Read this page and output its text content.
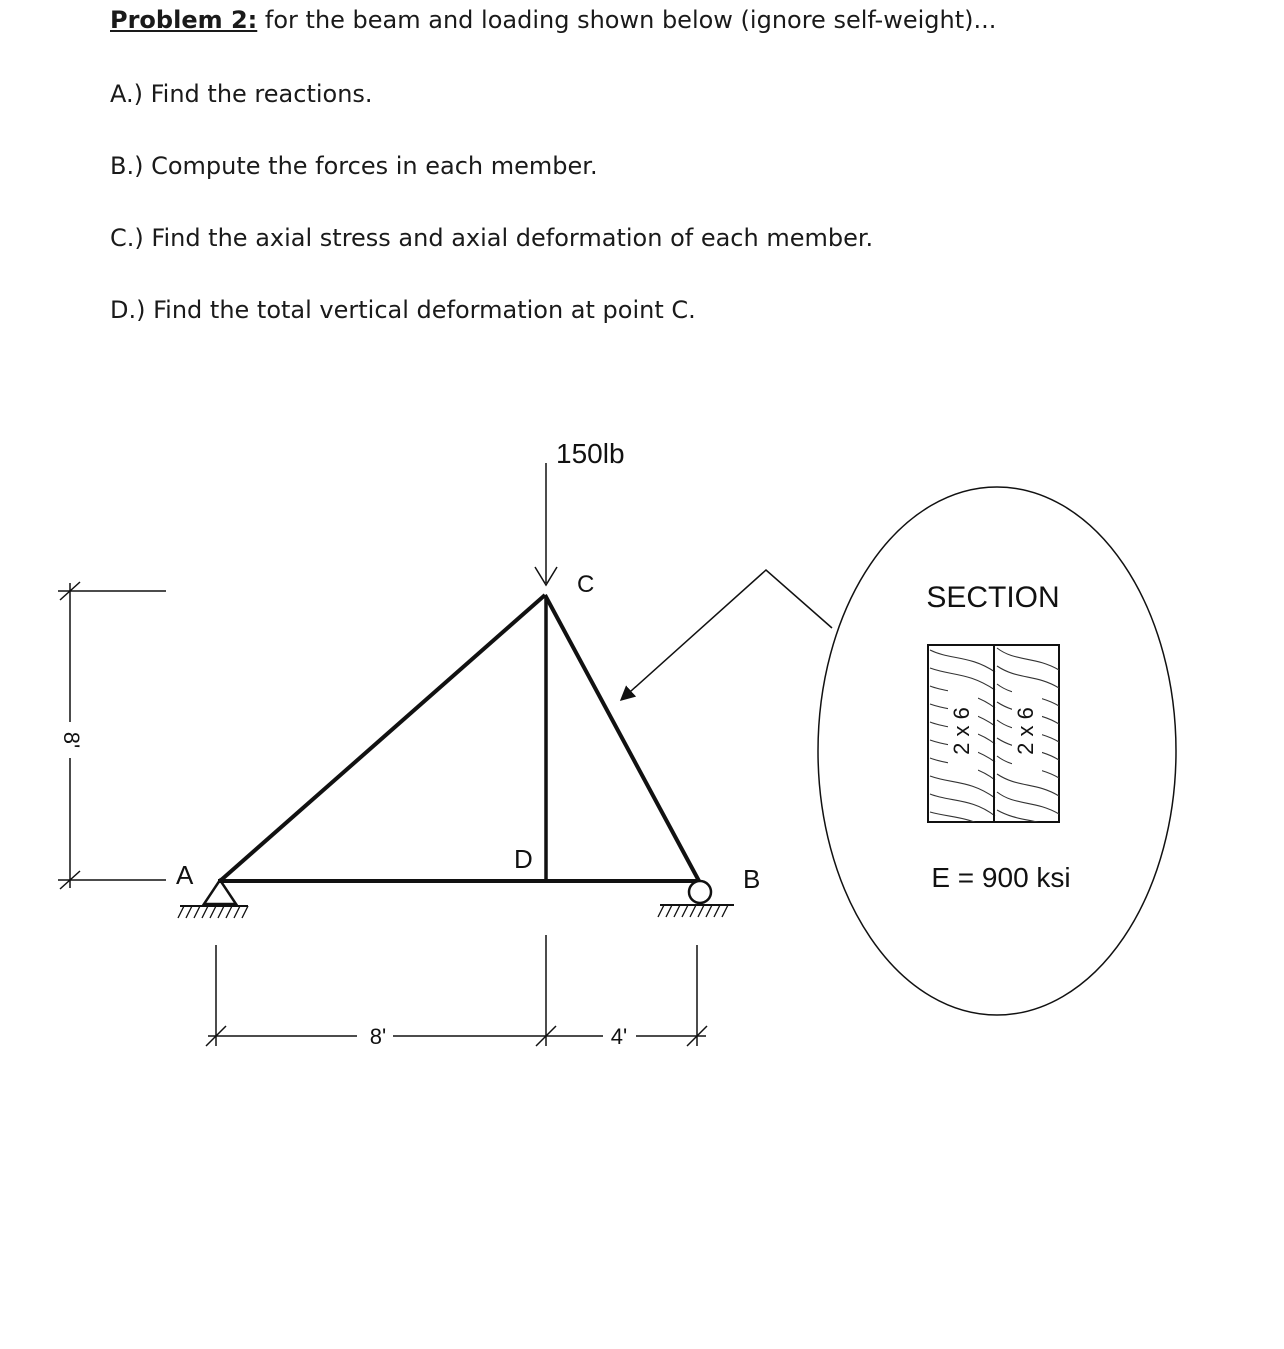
Problem 2: for the beam and loading shown below (ignore self-weight)...
A.) Find the reactions.
B.) Compute the forces in each member.
C.) Find the axial stress and axial deformation of each member.
D.) Find the total vertical deformation at point C.
8'
150lb
C
D
A	B
8'	4'
SECTION
2 x 6 2 x 6
E = 900 ksi
